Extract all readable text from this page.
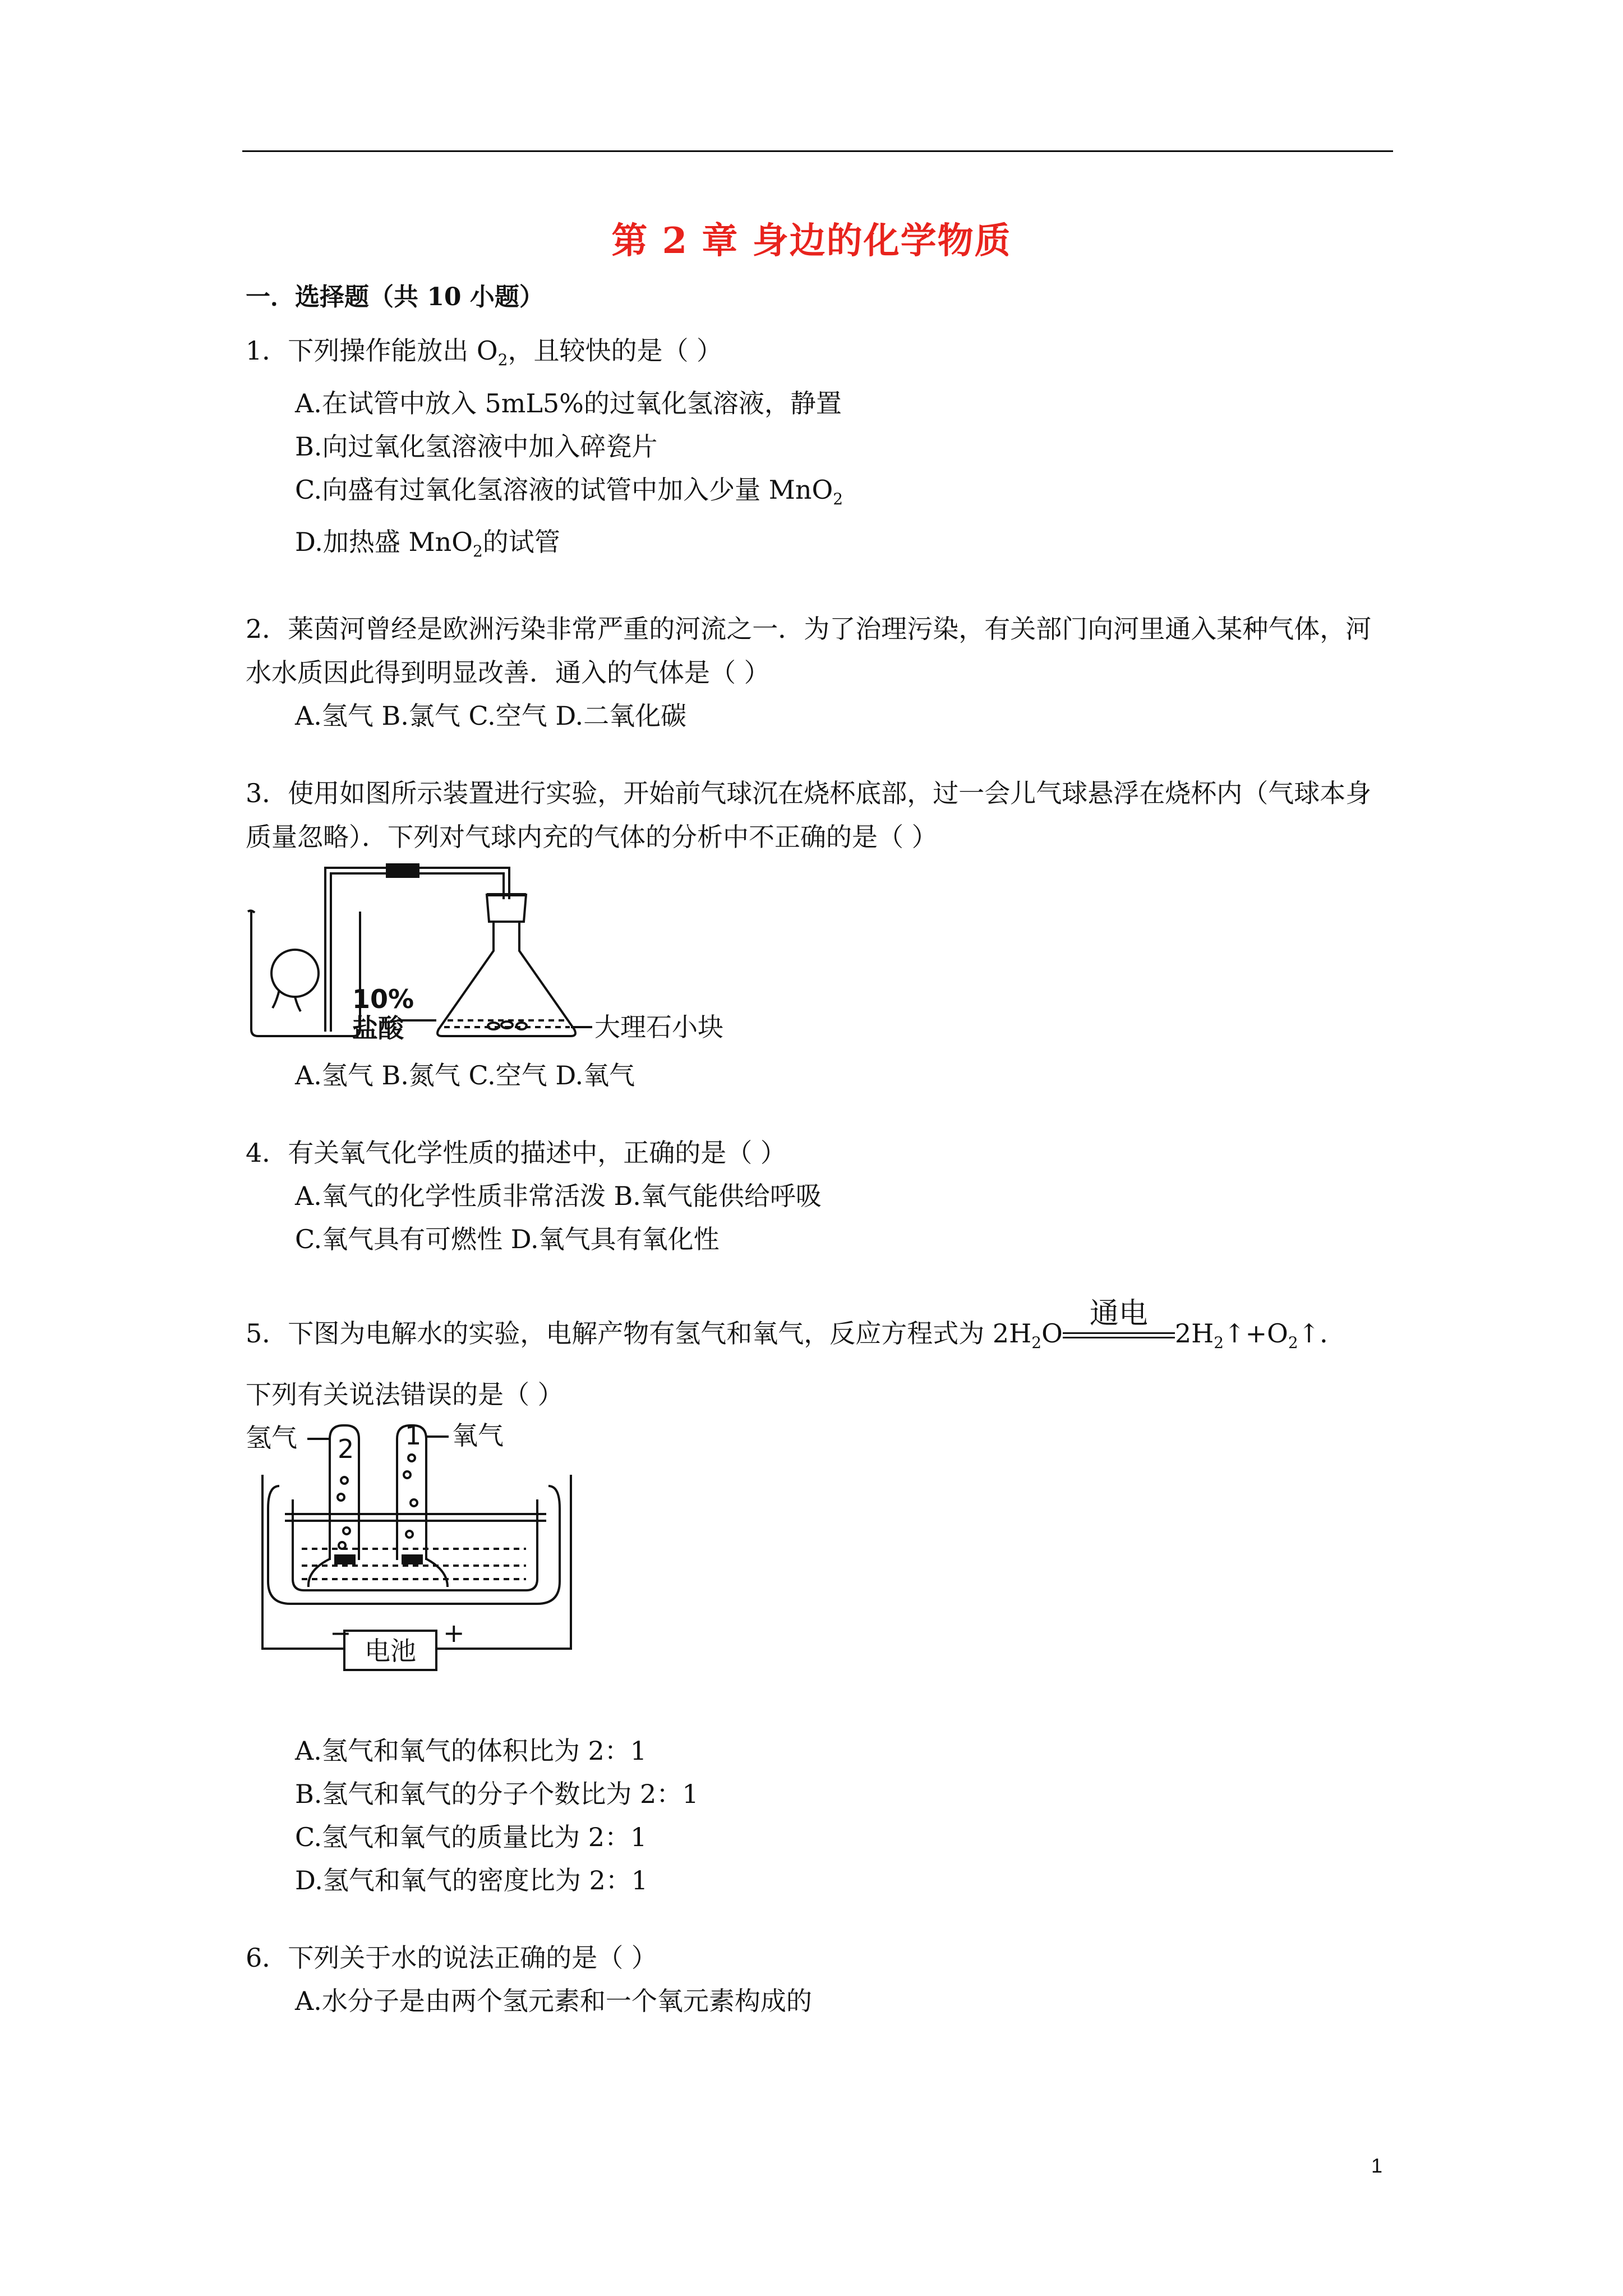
第 2 章 身边的化学物质
一．选择题（共 10 小题）
1．下列操作能放出 $O_2$，且较快的是（ ）
A.在试管中放入 5mL5%的过氧化氢溶液，静置
B.向过氧化氢溶液中加入碎瓷片
C.向盛有过氧化氢溶液的试管中加入少量 MnO$_2$
D.加热盛 MnO$_2$的试管
2．莱茵河曾经是欧洲污染非常严重的河流之一．为了治理污染，有关部门向河里通入某种气体，河水水质因此得到明显改善．通入的气体是（ ）
A.氢气 B.氯气 C.空气 D.二氧化碳
3．使用如图所示装置进行实验，开始前气球沉在烧杯底部，过一会儿气球悬浮在烧杯内（气球本身质量忽略）．下列对气球内充的气体的分析中不正确的是（ ）
10%
盐酸	大理石小块
A.氢气 B.氮气 C.空气 D.氧气
4．有关氧气化学性质的描述中，正确的是（ ）
A.氧气的化学性质非常活泼 B.氧气能供给呼吸
C.氧气具有可燃性 D.氧气具有氧化性
5．下图为电解水的实验，电解产物有氢气和氧气，反应方程式为 $2H_2O$
通电
$2H_2↑+O_2↑$．
下列有关说法错误的是（ ）
氢气	氧气
2 1
电池
−	+
A.氢气和氧气的体积比为 2：1
B.氢气和氧气的分子个数比为 2：1
C.氢气和氧气的质量比为 2：1
D.氢气和氧气的密度比为 2：1
6．下列关于水的说法正确的是（ ）
A.水分子是由两个氢元素和一个氧元素构成的
1
